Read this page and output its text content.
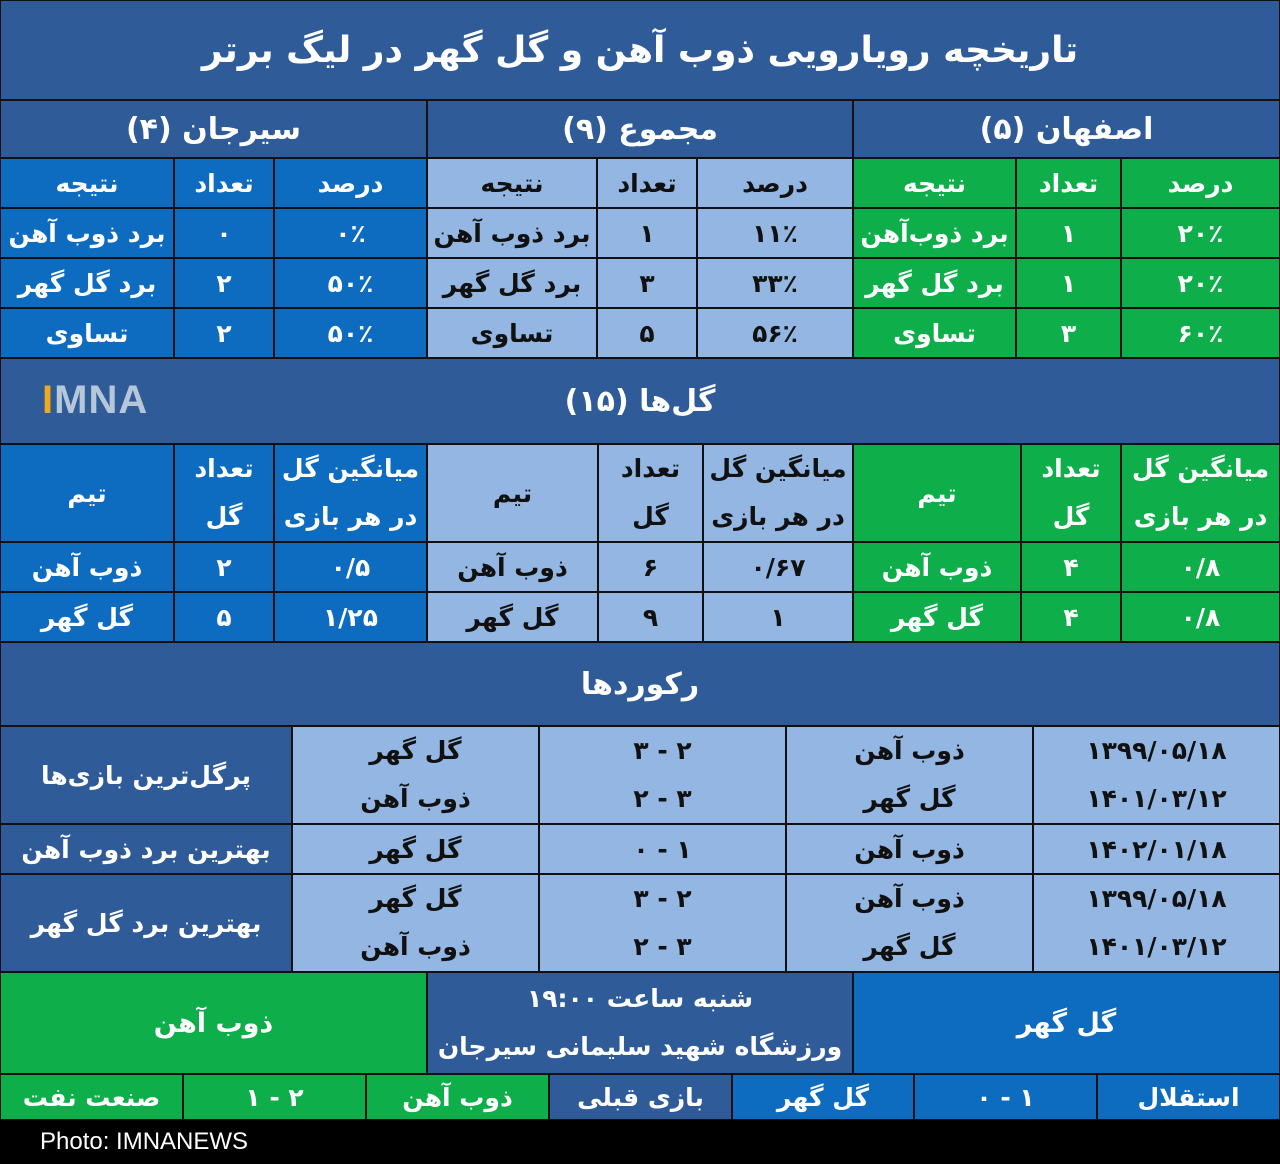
تاریخچه رویارویی ذوب آهن و گل گهر در لیگ برتر
اصفهان (۵)
مجموع (۹)
سیرجان (۴)
درصد
تعداد
نتیجه
۲۰٪
۱
برد ذوب‌آهن
۲۰٪
۱
برد گل گهر
۶۰٪
۳
تساوی
درصد
تعداد
نتیجه
۱۱٪
۱
برد ذوب آهن
۳۳٪
۳
برد گل گهر
۵۶٪
۵
تساوی
درصد
تعداد
نتیجه
۰٪
۰
برد ذوب آهن
۵۰٪
۲
برد گل گهر
۵۰٪
۲
تساوی
گل‌ها (۱۵)
IMNA
میانگین گل
در هر بازی
تعداد
گل
تیم
میانگین گل
در هر بازی
تعداد
گل
تیم
میانگین گل
در هر بازی
تعداد
گل
تیم
۰/۸
۴
ذوب آهن
۰/۸
۴
گل گهر
۰/۶۷
۶
ذوب آهن
۱
۹
گل گهر
۰/۵
۲
ذوب آهن
۱/۲۵
۵
گل گهر
رکوردها
۱۳۹۹/۰۵/۱۸
۱۴۰۱/۰۳/۱۲
ذوب آهن
گل گهر
۲ - ۳
۳ - ۲
گل گهر
ذوب آهن
پرگل‌ترین بازی‌ها
۱۴۰۲/۰۱/۱۸
ذوب آهن
۱ - ۰
گل گهر
بهترین برد ذوب آهن
۱۳۹۹/۰۵/۱۸
۱۴۰۱/۰۳/۱۲
ذوب آهن
گل گهر
۲ - ۳
۳ - ۲
گل گهر
ذوب آهن
بهترین برد گل گهر
گل گهر
شنبه ساعت ۱۹:۰۰
ورزشگاه شهید سلیمانی سیرجان
ذوب آهن
استقلال
۱ - ۰
گل گهر
بازی قبلی
ذوب آهن
۲ - ۱
صنعت نفت
Photo: IMNANEWS
